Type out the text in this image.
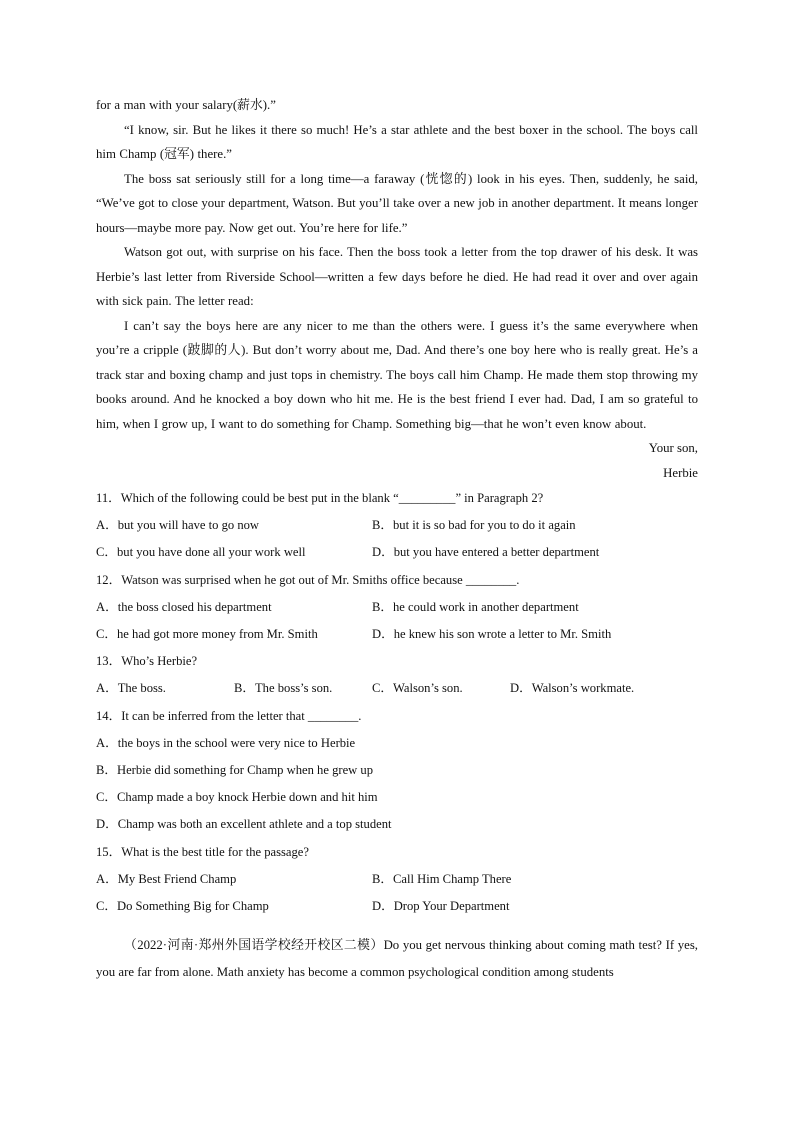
for a man with your salary(薪水).”

“I know, sir. But he likes it there so much! He’s a star athlete and the best boxer in the school. The boys call him Champ (冠军) there.”

The boss sat seriously still for a long time—a faraway (恍惚的) look in his eyes. Then, suddenly, he said, “We’ve got to close your department, Watson. But you’ll take over a new job in another department. It means longer hours—maybe more pay. Now get out. You’re here for life.”

Watson got out, with surprise on his face. Then the boss took a letter from the top drawer of his desk. It was Herbie’s last letter from Riverside School—written a few days before he died. He had read it over and over again with sick pain. The letter read:

I can’t say the boys here are any nicer to me than the others were. I guess it’s the same everywhere when you’re a cripple (跛脚的人). But don’t worry about me, Dad. And there’s one boy here who is really great. He’s a track star and boxing champ and just tops in chemistry. The boys call him Champ. He made them stop throwing my books around. And he knocked a boy down who hit me. He is the best friend I ever had. Dad, I am so grateful to him, when I grow up, I want to do something for Champ. Something big—that he won’t even know about.

Your son,

Herbie

11．Which of the following could be best put in the blank “_________” in Paragraph 2?

A．but you will have to go now	B．but it is so bad for you to do it again
C．but you have done all your work well	D．but you have entered a better department

12．Watson was surprised when he got out of Mr. Smiths office because ________.

A．the boss closed his department	B．he could work in another department
C．he had got more money from Mr. Smith	D．he knew his son wrote a letter to Mr. Smith

13．Who’s Herbie?

A．The boss.	B．The boss’s son.	C．Walson’s son.	D．Walson’s workmate.

14．It can be inferred from the letter that ________.

A．the boys in the school were very nice to Herbie

B．Herbie did something for Champ when he grew up

C．Champ made a boy knock Herbie down and hit him

D．Champ was both an excellent athlete and a top student

15．What is the best title for the passage?

A．My Best Friend Champ	B．Call Him Champ There
C．Do Something Big for Champ	D．Drop Your Department

（2022·河南·郑州外国语学校经开校区二模）Do you get nervous thinking about coming math test? If yes, you are far from alone. Math anxiety has become a common psychological condition among students
